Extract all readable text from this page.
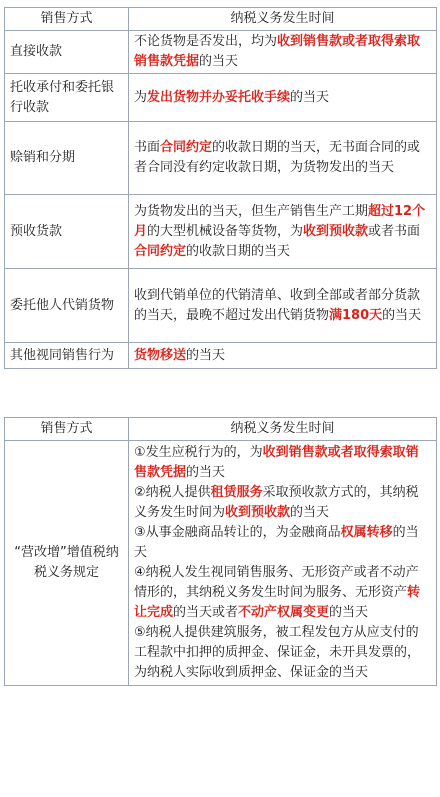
销售方式	纳税义务发生时间
直接收款	不论货物是否发出，均为收到销售款或者取得索取销售款凭据的当天
托收承付和委托银行收款	为发出货物并办妥托收手续的当天
赊销和分期	书面合同约定的收款日期的当天，无书面合同的或者合同没有约定收款日期，为货物发出的当天
预收货款	为货物发出的当天，但生产销售生产工期超过12个月的大型机械设备等货物，为收到预收款或者书面合同约定的收款日期的当天
委托他人代销货物	收到代销单位的代销清单、收到全部或者部分货款的当天，最晚不超过发出代销货物满180天的当天
其他视同销售行为	货物移送的当天
销售方式	纳税义务发生时间
“营改增”增值税纳税义务规定	①发生应税行为的，为收到销售款或者取得索取销售款凭据的当天
②纳税人提供租赁服务采取预收款方式的，其纳税义务发生时间为收到预收款的当天
③从事金融商品转让的，为金融商品权属转移的当天
④纳税人发生视同销售服务、无形资产或者不动产情形的，其纳税义务发生时间为服务、无形资产转让完成的当天或者不动产权属变更的当天
⑤纳税人提供建筑服务，被工程发包方从应支付的工程款中扣押的质押金、保证金，未开具发票的，为纳税人实际收到质押金、保证金的当天
